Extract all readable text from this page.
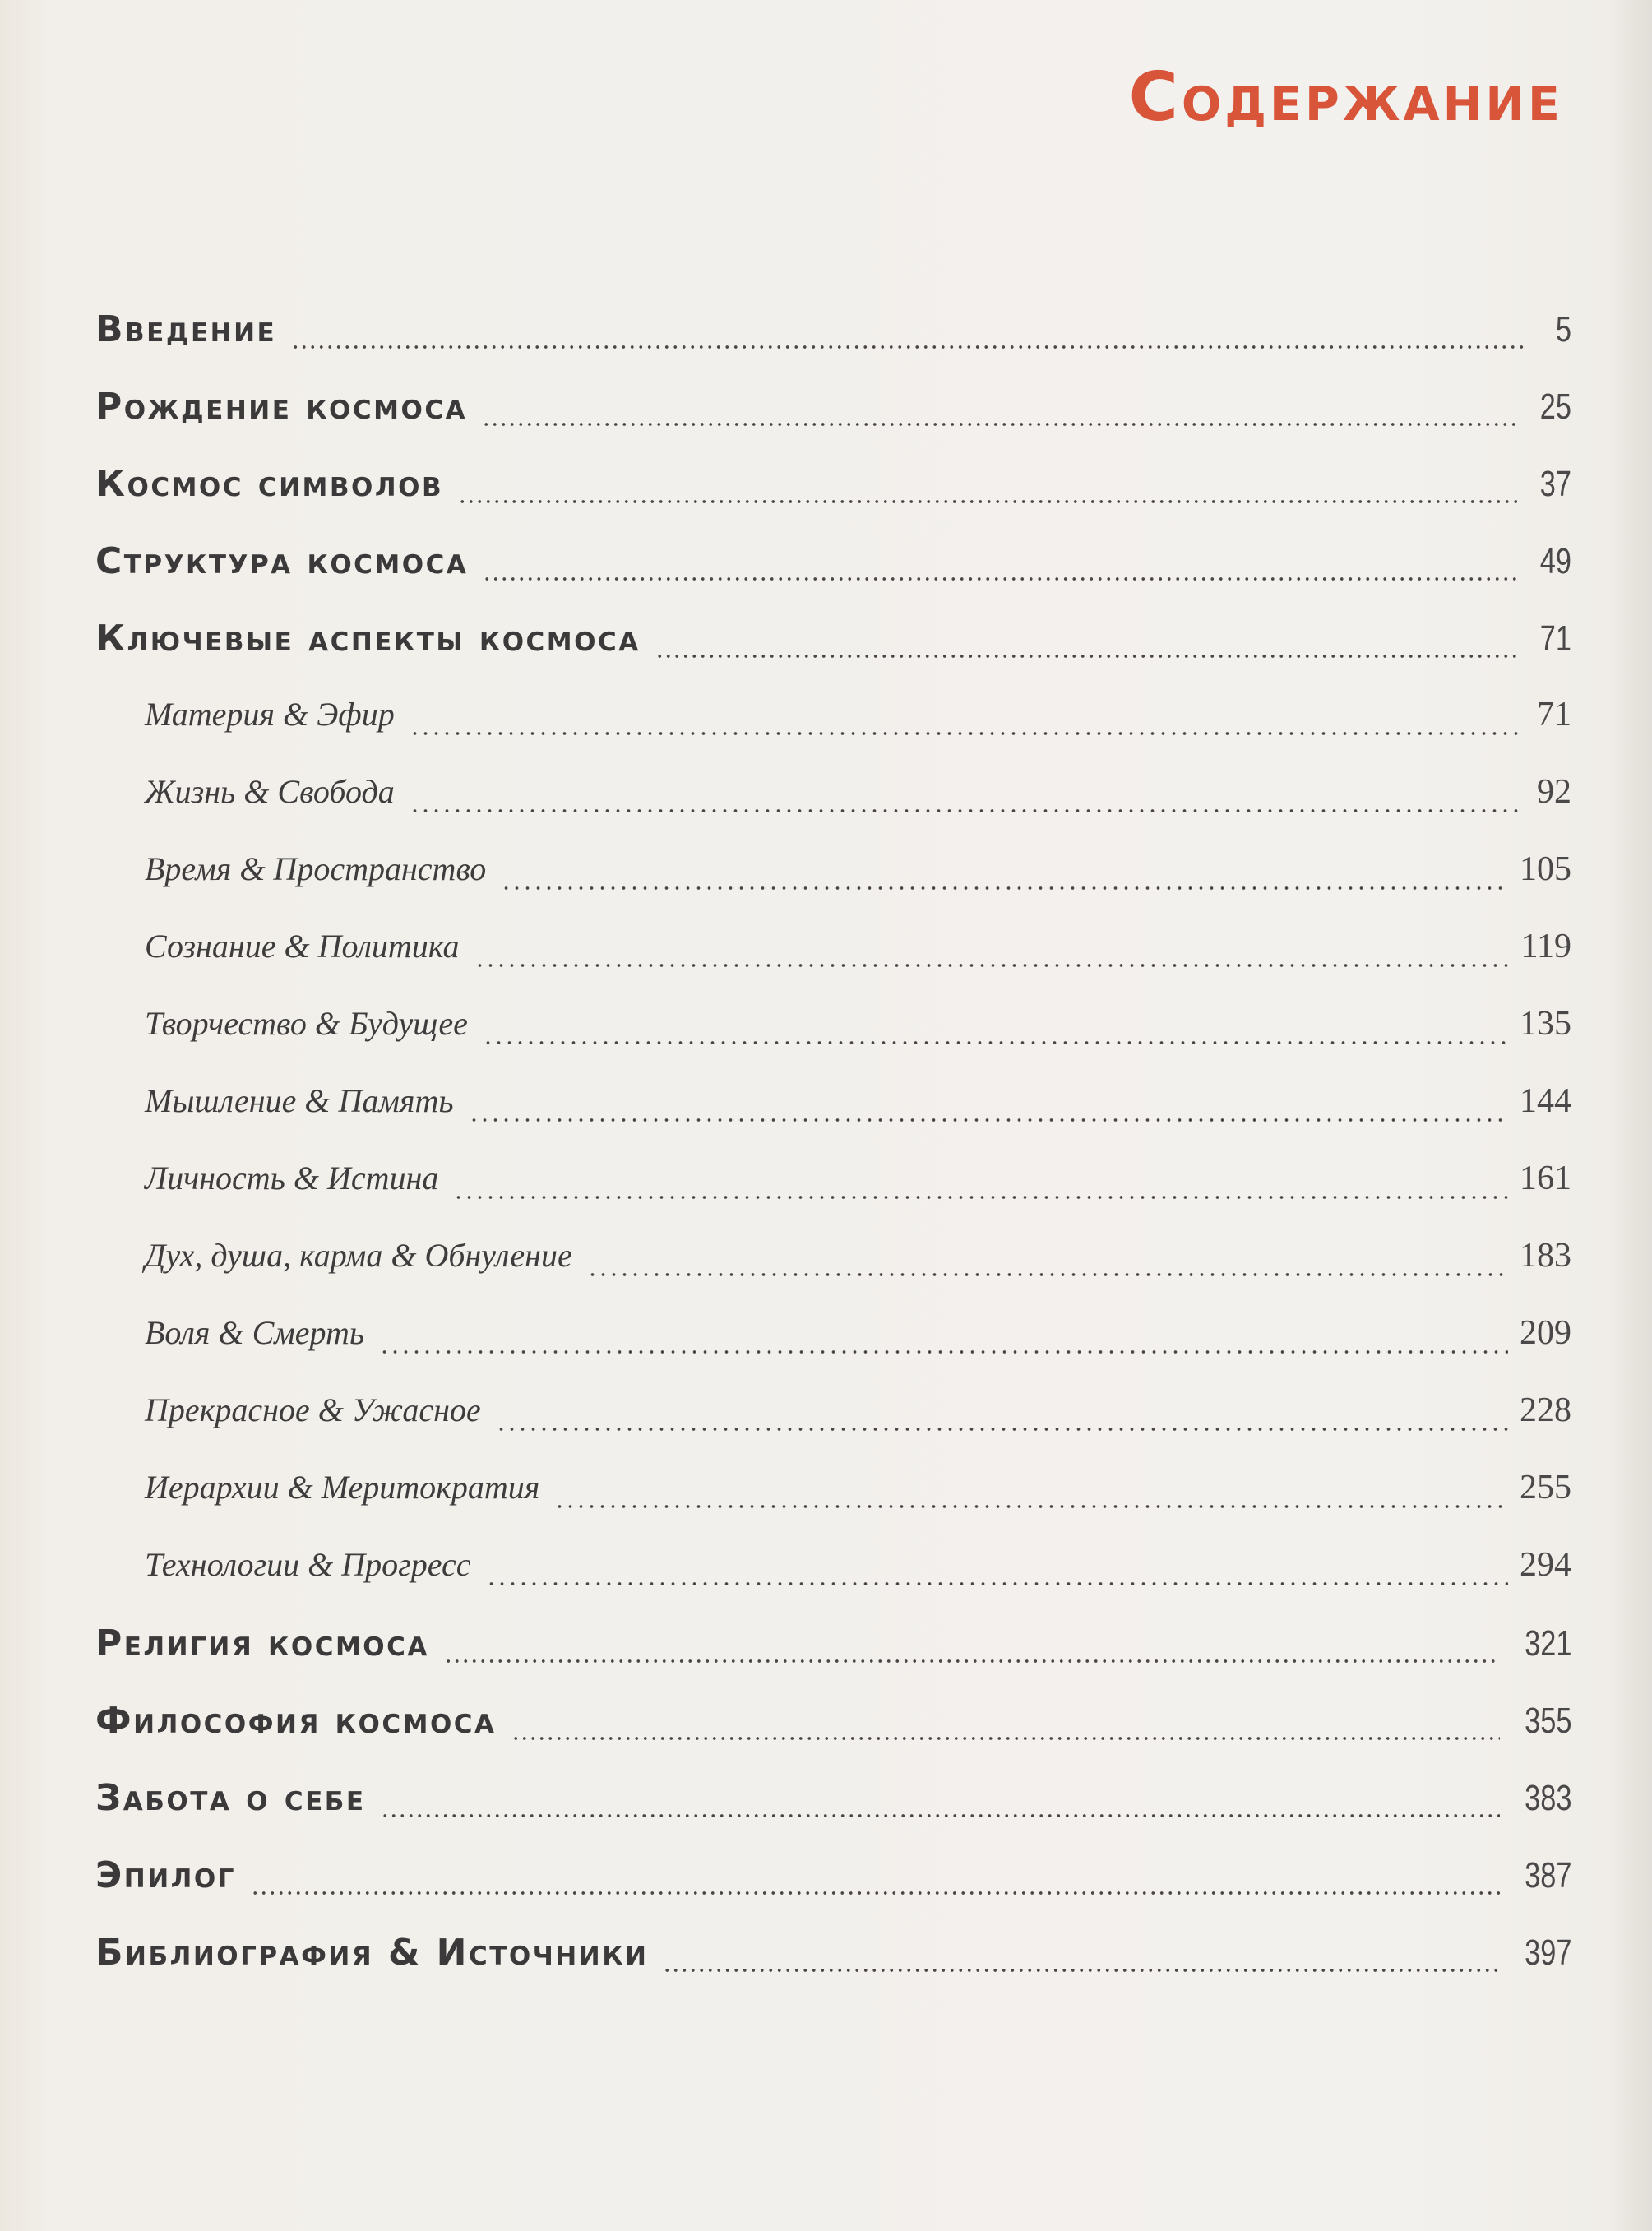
Содержание
Введение	5
Рождение космоса	25
Космос символов	37
Структура космоса	49
Ключевые аспекты космоса	71
Материя & Эфир	71
Жизнь & Свобода	92
Время & Пространство	105
Сознание & Политика	119
Творчество & Будущее	135
Мышление & Память	144
Личность & Истина	161
Дух, душа, карма & Обнуление	183
Воля & Смерть	209
Прекрасное & Ужасное	228
Иерархии & Меритократия	255
Технологии & Прогресс	294
Религия космоса	321
Философия космоса	355
Забота о себе	383
Эпилог	387
Библиография & Источники	397
